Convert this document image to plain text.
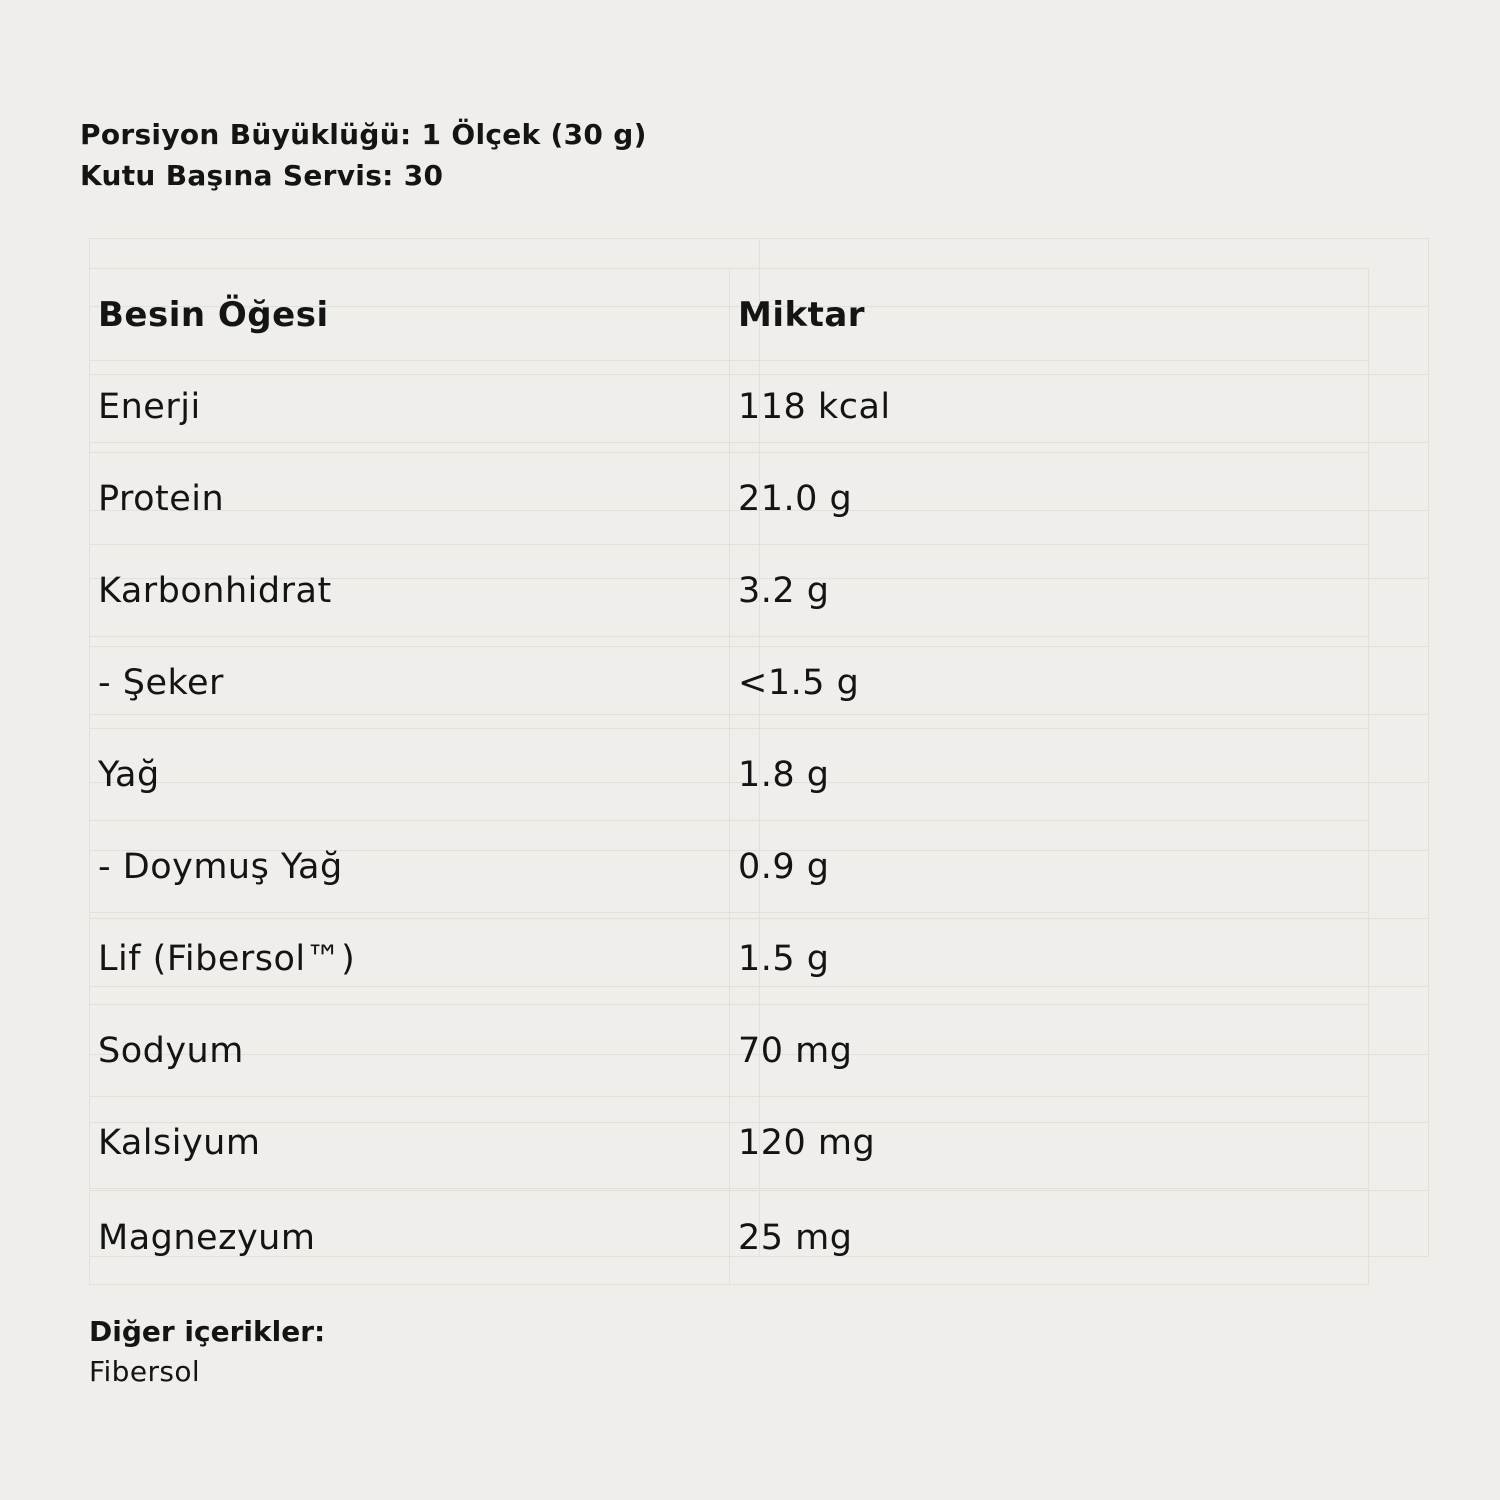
Porsiyon Büyüklüğü: 1 Ölçek (30 g)

Kutu Başına Servis: 30

Besin Öğesi	Miktar
Enerji	118 kcal
Protein	21.0 g
Karbonhidrat	3.2 g
- Şeker	<1.5 g
Yağ	1.8 g
- Doymuş Yağ	0.9 g
Lif (Fibersol™)	1.5 g
Sodyum	70 mg
Kalsiyum	120 mg
Magnezyum	25 mg

Diğer içerikler:

Fibersol
